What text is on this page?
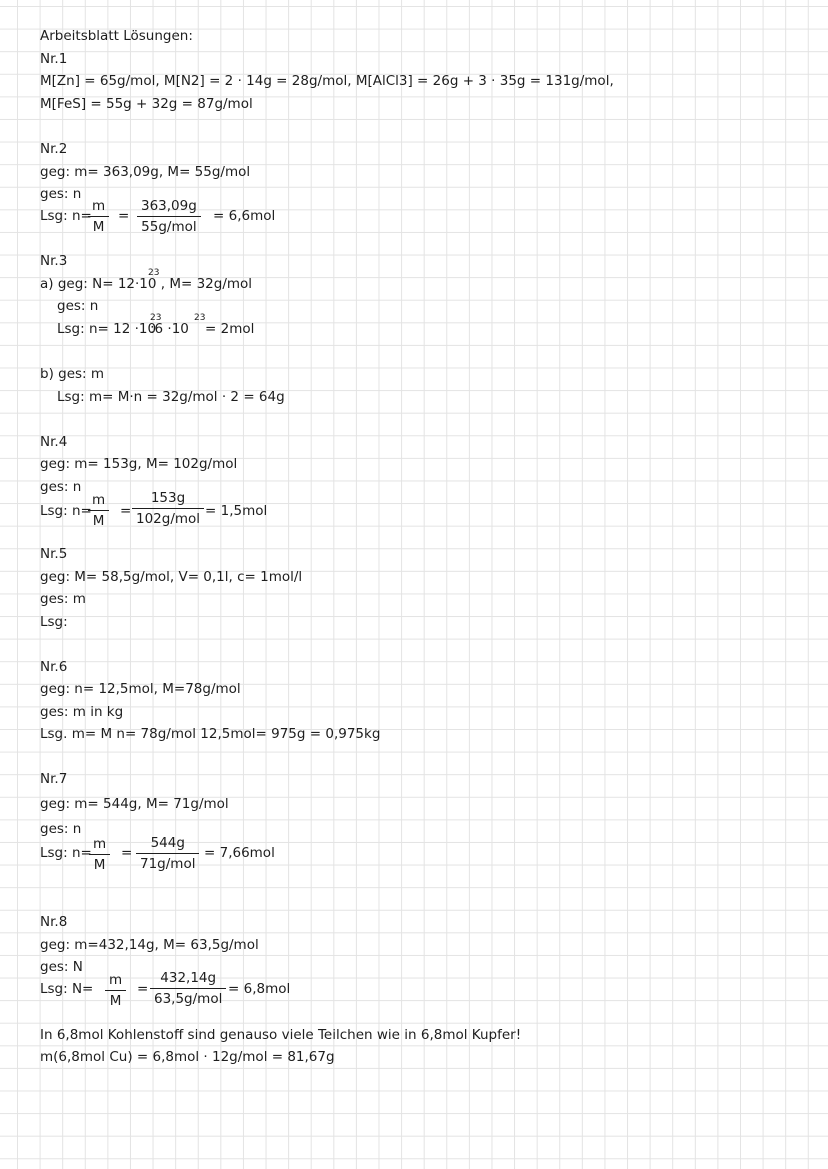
Arbeitsblatt Lösungen:
Nr.1
M[Zn] = 65g/mol, M[N2] = 2 · 14g = 28g/mol, M[AlCl3] = 26g + 3 · 35g = 131g/mol,
M[FeS] = 55g + 32g = 87g/mol
Nr.2
geg: m= 363,09g, M= 55g/mol
ges: n
Lsg: n=
$\frac{m}{M}$ =
363,09g
55g/mol
= 6,6mol
Nr.3
a) geg: N= 12·10 , M= 32g/mol
23
ges: n
Lsg: n= 12 ·10
23
:6 ·10
23
= 2mol
b) ges: m
Lsg: m= M·n = 32g/mol · 2 = 64g
Nr.4
geg: m= 153g, M= 102g/mol
ges: n
Lsg: n=
$\frac{m}{M}$ =
153g
102g/mol = 1,5mol
Nr.5
geg: M= 58,5g/mol, V= 0,1l, c= 1mol/l
ges: m
Lsg:
Nr.6
geg: n= 12,5mol, M=78g/mol
ges: m in kg
Lsg. m= M n= 78g/mol 12,5mol= 975g = 0,975kg
Nr.7
geg: m= 544g, M= 71g/mol
ges: n
Lsg: n=
$\frac{m}{M}$ =
544g
71g/mol
= 7,66mol
Nr.8
geg: m=432,14g, M= 63,5g/mol
ges: N
Lsg: $N= \frac{m}{M}$ =
432,14g
63,5g/mol
= 6,8mol
In 6,8mol Kohlenstoff sind genauso viele Teilchen wie in 6,8mol Kupfer!
m(6,8mol Cu) = 6,8mol · 12g/mol = 81,67g
